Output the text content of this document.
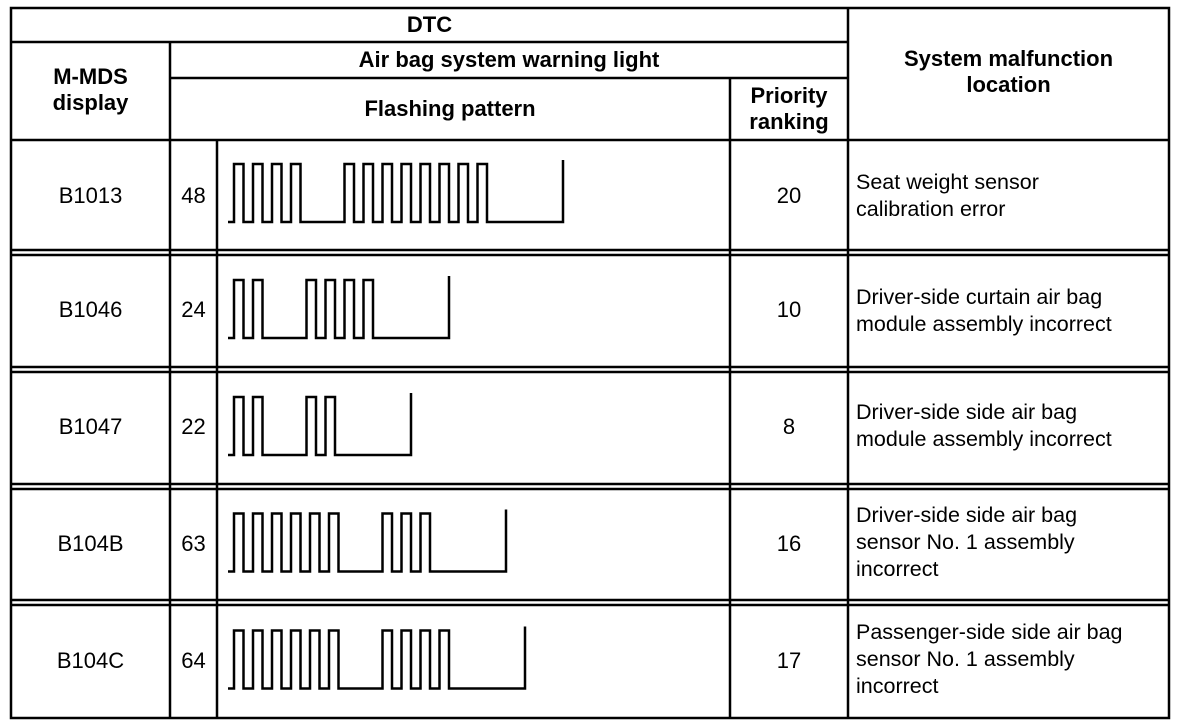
DTC
M-MDS
display
Air bag system warning light
Flashing pattern
Priority
ranking
System malfunction
location
B1013	48	20
Seat weight sensor
calibration error
B1046	24	10	Driver-side curtain air bag
module assembly incorrect
B1047	22	8
Driver-side side air bag
module assembly incorrect
B104B	63	16
Driver-side side air bag
sensor No. 1 assembly
incorrect
B104C	64	17
Passenger-side side air bag
sensor No. 1 assembly
incorrect
